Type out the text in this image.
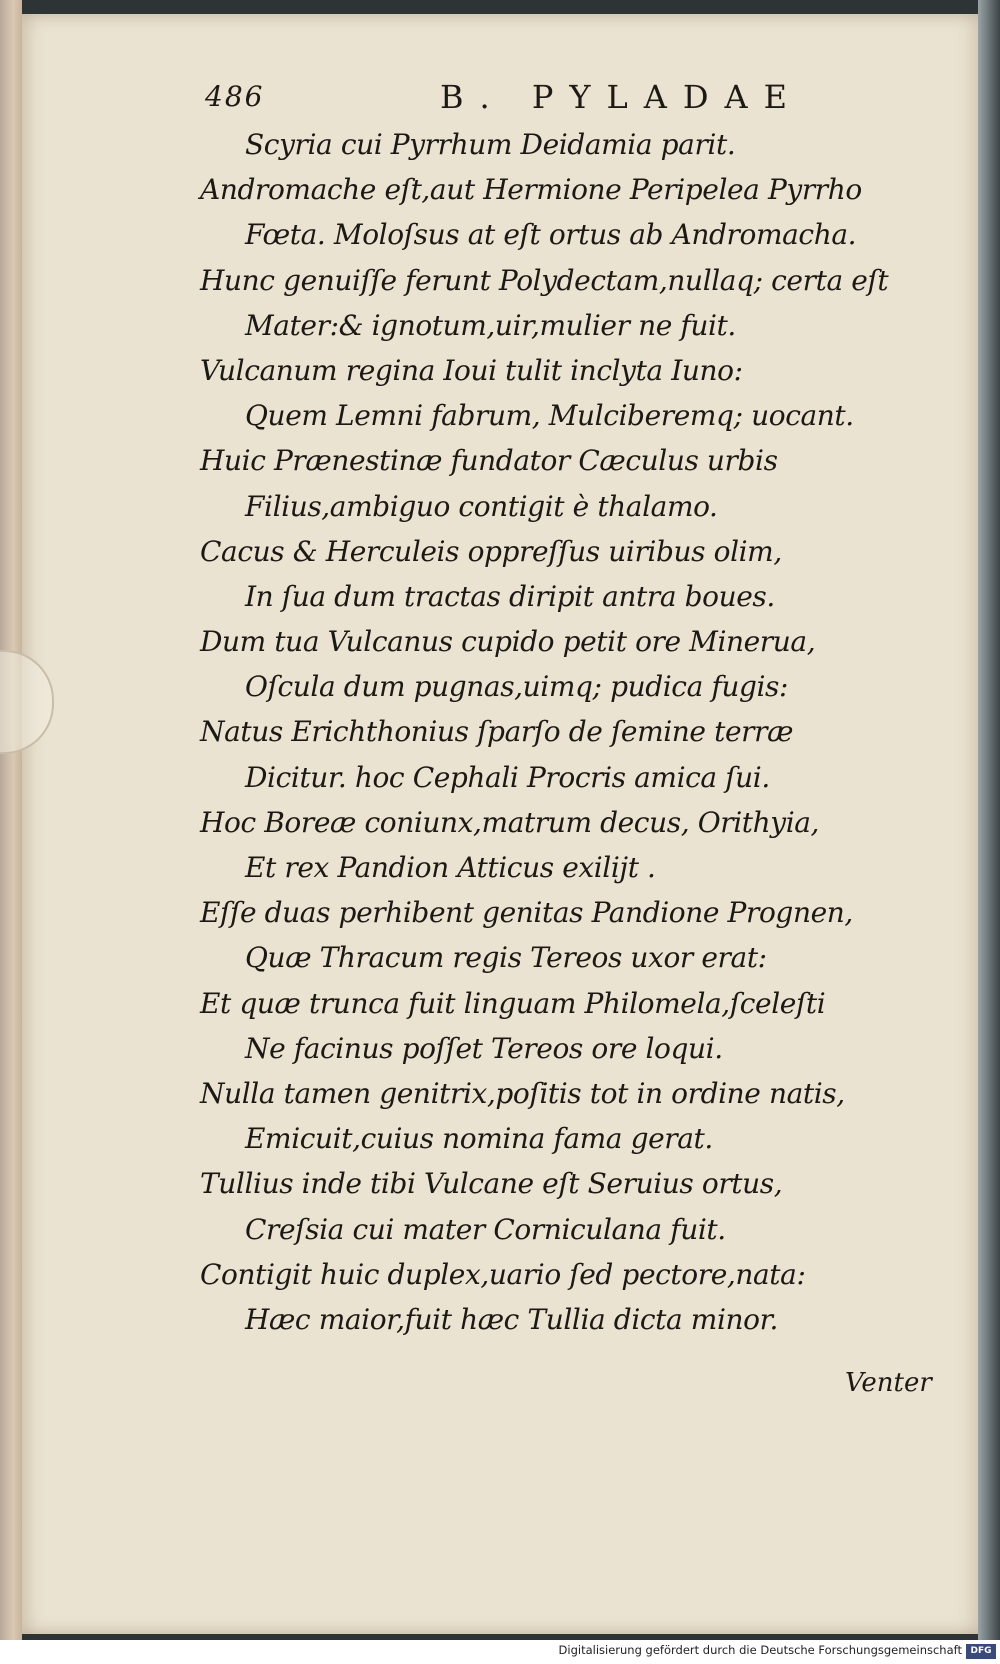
486	B. PYLADAE
Scyria cui Pyrrhum Deidamia parit.
Andromache eſt,aut Hermione Peripelea Pyrrho
Fœta. Moloſsus at eſt ortus ab Andromacha.
Hunc genuiſſe ferunt Polydectam,nullaq; certa eſt
Mater:& ignotum,uir,mulier ne fuit.
Vulcanum regina Ioui tulit inclyta Iuno:
Quem Lemni fabrum, Mulciberemq; uocant.
Huic Prænestinæ fundator Cæculus urbis
Filius,ambiguo contigit è thalamo.
Cacus & Herculeis oppreſſus uiribus olim,
In ſua dum tractas diripit antra boues.
Dum tua Vulcanus cupido petit ore Minerua,
Oſcula dum pugnas,uimq; pudica fugis:
Natus Erichthonius ſparſo de ſemine terræ
Dicitur. hoc Cephali Procris amica ſui.
Hoc Boreæ coniunx,matrum decus, Orithyia,
Et rex Pandion Atticus exilijt .
Eſſe duas perhibent genitas Pandione Prognen,
Quæ Thracum regis Tereos uxor erat:
Et quæ trunca fuit linguam Philomela,ſceleſti
Ne facinus poſſet Tereos ore loqui.
Nulla tamen genitrix,poſitis tot in ordine natis,
Emicuit,cuius nomina fama gerat.
Tullius inde tibi Vulcane eſt Seruius ortus,
Creſsia cui mater Corniculana fuit.
Contigit huic duplex,uario ſed pectore,nata:
Hæc maior,fuit hæc Tullia dicta minor.
Venter
Digitalisierung gefördert durch die Deutsche Forschungsgemeinschaft DFG
